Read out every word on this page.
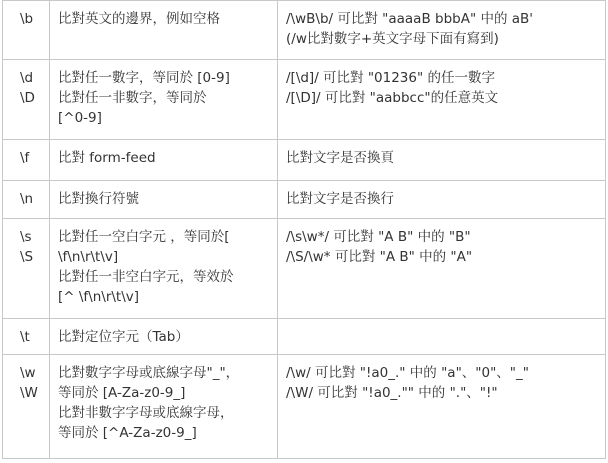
\b	比對英文的邊界，例如空格	/\wB\b/ 可比對 "aaaaB bbbA" 中的 aB'
(/w比對數字+英文字母下面有寫到)

\d
\D	比對任一數字，等同於 [0-9]
比對任一非數字，等同於
[^0-9]	/[\d]/ 可比對 "01236" 的任一數字
/[\D]/ 可比對 "aabbcc"的任意英文

\f	比對 form-feed	比對文字是否換頁

\n	比對換行符號	比對文字是否換行

\s
\S	比對任一空白字元 ，等同於[
\f\n\r\t\v]
比對任一非空白字元，等效於
[^ \f\n\r\t\v]	/\s\w*/ 可比對 "A B" 中的 "B"
/\S/\w* 可比對 "A B" 中的 "A"

\t	比對定位字元（Tab）	

\w
\W	比對數字字母或底線字母"_"，
等同於 [A-Za-z0-9_]
比對非數字字母或底線字母，
等同於 [^A-Za-z0-9_]	/\w/ 可比對 "!a0_." 中的 "a"、"0"、"_"
/\W/ 可比對 "!a0_."" 中的 "."、"!"
